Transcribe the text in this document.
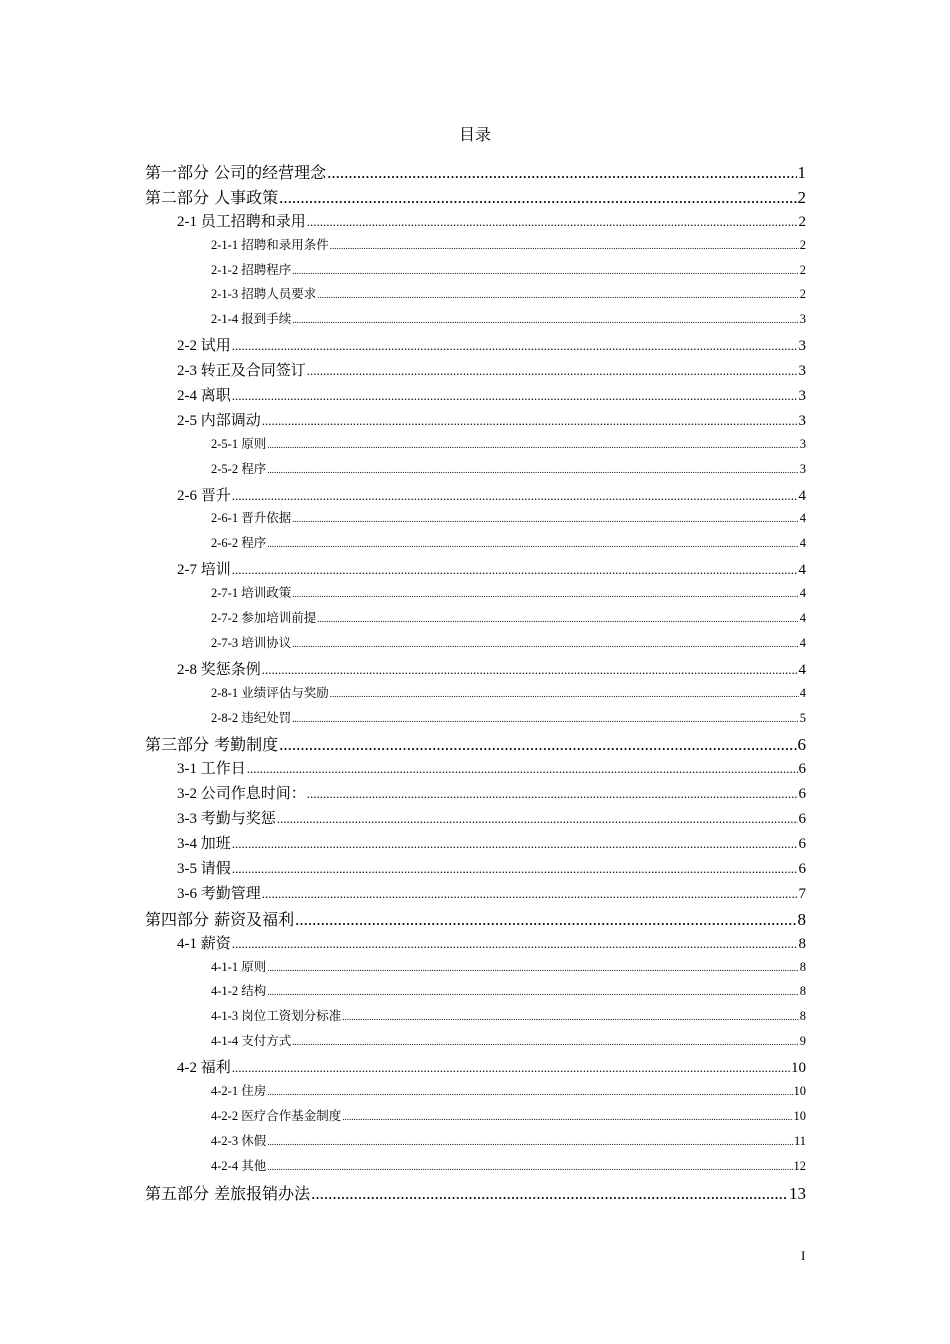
目录
第一部分 公司的经营理念 .....	1
第二部分 人事政策 .....	2
2-1 员工招聘和录用 .....	2
2-1-1 招聘和录用条件 .....	2
2-1-2 招聘程序 .....	2
2-1-3 招聘人员要求 .....	2
2-1-4 报到手续 .....	3
2-2 试用 .....	3
2-3 转正及合同签订 .....	3
2-4 离职 .....	3
2-5 内部调动 .....	3
2-5-1 原则 .....	3
2-5-2 程序 .....	3
2-6 晋升 .....	4
2-6-1 晋升依据 .....	4
2-6-2 程序 .....	4
2-7 培训 .....	4
2-7-1 培训政策 .....	4
2-7-2 参加培训前提 .....	4
2-7-3 培训协议 .....	4
2-8 奖惩条例 .....	4
2-8-1 业绩评估与奖励 .....	4
2-8-2 违纪处罚 .....	5
第三部分 考勤制度 .....	6
3-1 工作日 .....	6
3-2 公司作息时间： .....	6
3-3 考勤与奖惩 .....	6
3-4 加班 .....	6
3-5 请假 .....	6
3-6 考勤管理 .....	7
第四部分 薪资及福利 .....	8
4-1 薪资 .....	8
4-1-1 原则 .....	8
4-1-2 结构 .....	8
4-1-3 岗位工资划分标准 .....	8
4-1-4 支付方式 .....	9
4-2 福利 .....	10
4-2-1 住房 .....	10
4-2-2 医疗合作基金制度 .....	10
4-2-3 休假 .....	11
4-2-4 其他 .....	12
第五部分 差旅报销办法 .....	13
I
